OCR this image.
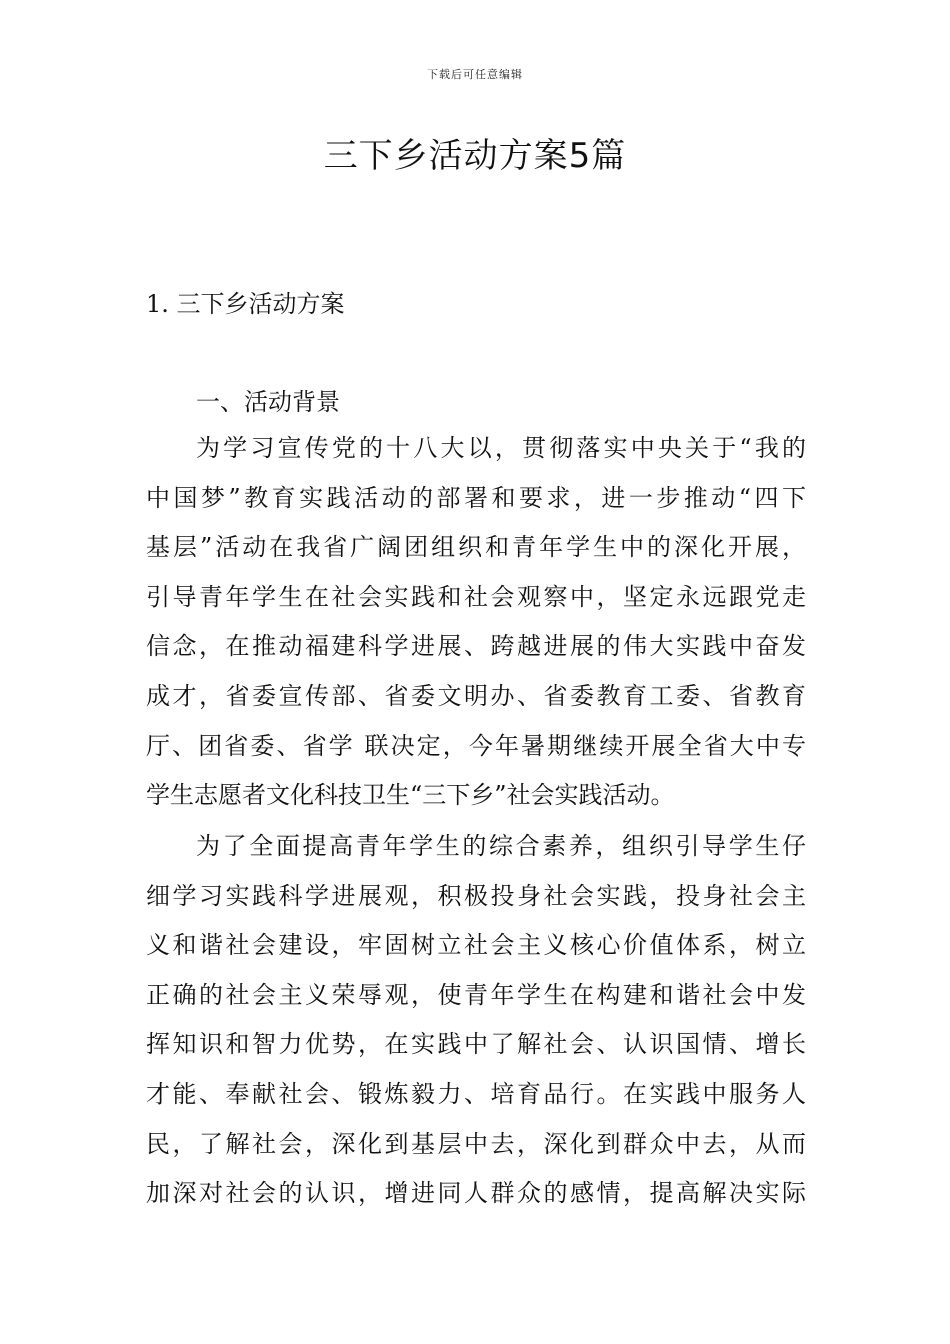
下载后可任意编辑
三下乡活动方案5篇
1. 三下乡活动方案
一、活动背景
为学习宣传党的十八大以，贯彻落实中央关于“我的
中国梦”教育实践活动的部署和要求，进一步推动“四下
基层”活动在我省广阔团组织和青年学生中的深化开展，
引导青年学生在社会实践和社会观察中，坚定永远跟党走
信念，在推动福建科学进展、跨越进展的伟大实践中奋发
成才，省委宣传部、省委文明办、省委教育工委、省教育
厅、团省委、省学 联决定，今年暑期继续开展全省大中专
学生志愿者文化科技卫生“三下乡”社会实践活动。
为了全面提高青年学生的综合素养，组织引导学生仔
细学习实践科学进展观，积极投身社会实践，投身社会主
义和谐社会建设，牢固树立社会主义核心价值体系，树立
正确的社会主义荣辱观，使青年学生在构建和谐社会中发
挥知识和智力优势，在实践中了解社会、认识国情、增长
才能、奉献社会、锻炼毅力、培育品行。在实践中服务人
民，了解社会，深化到基层中去，深化到群众中去，从而
加深对社会的认识，增进同人群众的感情，提高解决实际
